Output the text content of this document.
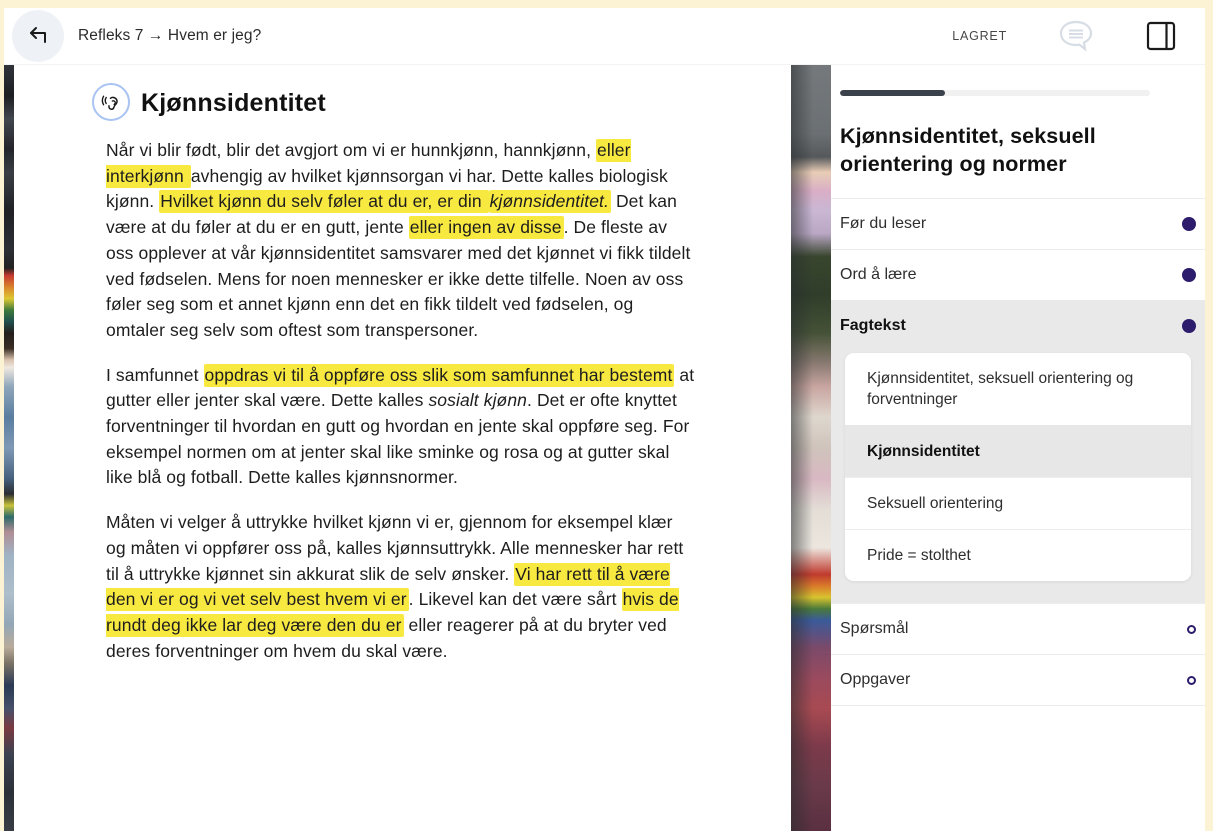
Refleks 7 → Hvem er jeg?	LAGRET
Kjønnsidentitet

Når vi blir født, blir det avgjort om vi er hunnkjønn, hannkjønn, eller interkjønn avhengig av hvilket kjønnsorgan vi har. Dette kalles biologisk kjønn. Hvilket kjønn du selv føler at du er, er din kjønnsidentitet. Det kan være at du føler at du er en gutt, jente eller ingen av disse . De fleste av oss opplever at vår kjønnsidentitet samsvarer med det kjønnet vi fikk tildelt ved fødselen. Mens for noen mennesker er ikke dette tilfelle. Noen av oss føler seg som et annet kjønn enn det en fikk tildelt ved fødselen, og omtaler seg selv som oftest som transpersoner.

I samfunnet oppdras vi til å oppføre oss slik som samfunnet har bestemt at gutter eller jenter skal være. Dette kalles sosialt kjønn. Det er ofte knyttet forventninger til hvordan en gutt og hvordan en jente skal oppføre seg. For eksempel normen om at jenter skal like sminke og rosa og at gutter skal like blå og fotball. Dette kalles kjønnsnormer.

Måten vi velger å uttrykke hvilket kjønn vi er, gjennom for eksempel klær og måten vi oppfører oss på, kalles kjønnsuttrykk. Alle mennesker har rett til å uttrykke kjønnet sin akkurat slik de selv ønsker. Vi har rett til å være den vi er og vi vet selv best hvem vi er . Likevel kan det være sårt hvis de rundt deg ikke lar deg være den du er eller reagerer på at du bryter ved deres forventninger om hvem du skal være.

Kjønnsidentitet, seksuell orientering og normer
Før du leser
Ord å lære
Fagtekst
Kjønnsidentitet, seksuell orientering og forventninger
Kjønnsidentitet
Seksuell orientering
Pride = stolthet
Spørsmål
Oppgaver
